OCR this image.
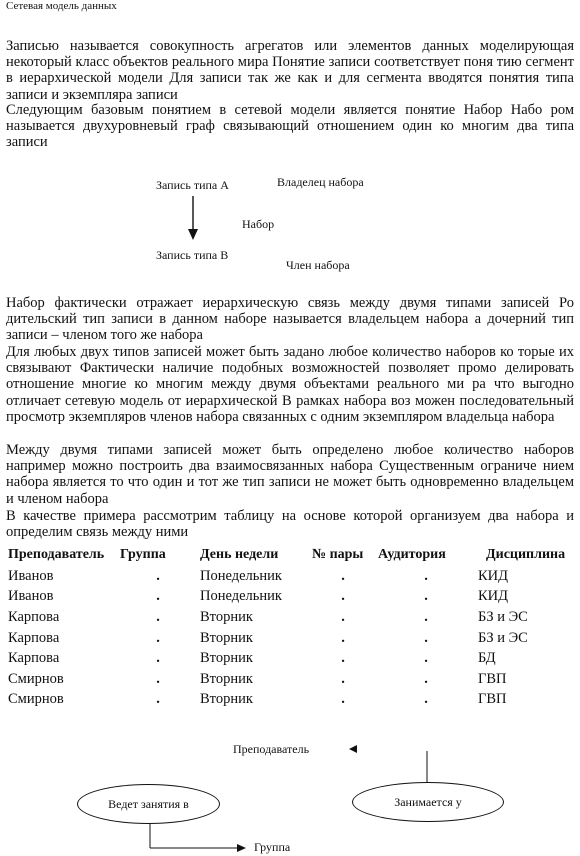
Сетевая модель данных

Записью называется совокупность агрегатов или элементов данных моделирующая некоторый класс объектов реального мира Понятие записи соответствует поня тию сегмент в иерархической модели Для записи так же как и для сегмента вводятся понятия типа записи и экземпляра записи

Следующим базовым понятием в сетевой модели является понятие Набор Набо ром называется двухуровневый граф связывающий отношением один ко многим два типа записи

Запись типа А	Владелец набора
Набор
Запись типа В
Член набора

Набор фактически отражает иерархическую связь между двумя типами записей Ро дительский тип записи в данном наборе называется владельцем набора а дочерний тип записи – членом того же набора

Для любых двух типов записей может быть задано любое количество наборов ко торые их связывают Фактически наличие подобных возможностей позволяет промо делировать отношение многие ко многим между двумя объектами реального ми ра что выгодно отличает сетевую модель от иерархической В рамках набора воз можен последовательный просмотр экземпляров членов набора связанных с одним экземпляром владельца набора

Между двумя типами записей может быть определено любое количество наборов например можно построить два взаимосвязанных набора Существенным ограниче нием набора является то что один и тот же тип записи не может быть одновременно владельцем и членом набора

В качестве примера рассмотрим таблицу на основе которой организуем два набора и определим связь между ними

Преподаватель	Группа	День недели	№ пары	Аудитория	Дисциплина
Иванов	.	Понедельник	.	.	КИД
Иванов	.	Понедельник	.	.	КИД
Карпова	.	Вторник	.	.	БЗ и ЭС
Карпова	.	Вторник	.	.	БЗ и ЭС
Карпова	.	Вторник	.	.	БД
Смирнов	.	Вторник	.	.	ГВП
Смирнов	.	Вторник	.	.	ГВП
Преподаватель
Ведет занятия в	Занимается у
Группа
